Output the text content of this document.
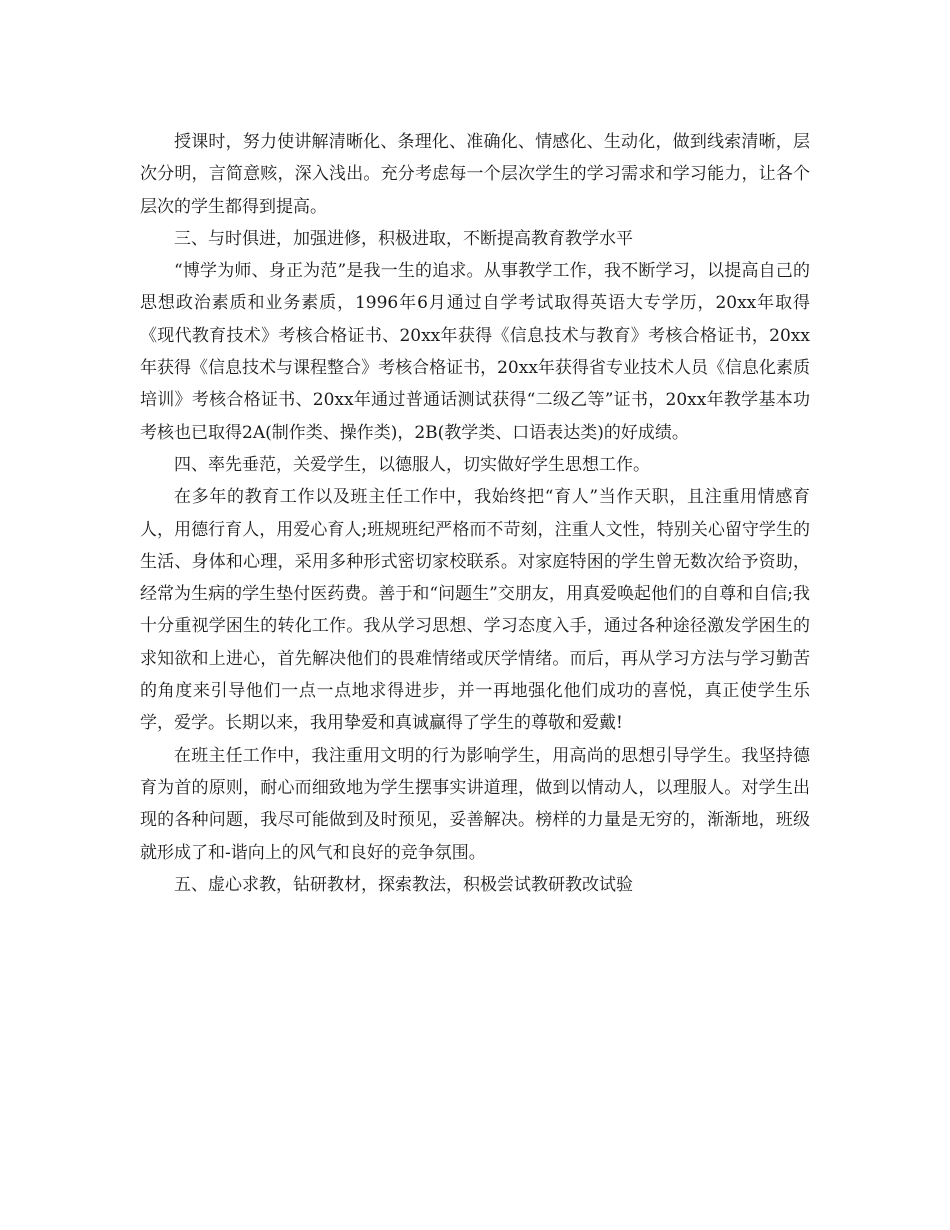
授课时，努力使讲解清晰化、条理化、准确化、情感化、生动化，做到线索清晰，层次分明，言简意赅，深入浅出。充分考虑每一个层次学生的学习需求和学习能力，让各个层次的学生都得到提高。

三、与时俱进，加强进修，积极进取，不断提高教育教学水平

“博学为师、身正为范”是我一生的追求。从事教学工作，我不断学习，以提高自己的思想政治素质和业务素质，1996年6月通过自学考试取得英语大专学历，20xx年取得《现代教育技术》考核合格证书、20xx年获得《信息技术与教育》考核合格证书，20xx年获得《信息技术与课程整合》考核合格证书，20xx年获得省专业技术人员《信息化素质培训》考核合格证书、20xx年通过普通话测试获得“二级乙等”证书，20xx年教学基本功考核也已取得2A(制作类、操作类)，2B(教学类、口语表达类)的好成绩。

四、率先垂范，关爱学生，以德服人，切实做好学生思想工作。

在多年的教育工作以及班主任工作中，我始终把“育人”当作天职，且注重用情感育人，用德行育人，用爱心育人;班规班纪严格而不苛刻，注重人文性，特别关心留守学生的生活、身体和心理，采用多种形式密切家校联系。对家庭特困的学生曾无数次给予资助，经常为生病的学生垫付医药费。善于和“问题生”交朋友，用真爱唤起他们的自尊和自信;我十分重视学困生的转化工作。我从学习思想、学习态度入手，通过各种途径激发学困生的求知欲和上进心，首先解决他们的畏难情绪或厌学情绪。而后，再从学习方法与学习勤苦的角度来引导他们一点一点地求得进步，并一再地强化他们成功的喜悦，真正使学生乐学，爱学。长期以来，我用挚爱和真诚赢得了学生的尊敬和爱戴!

在班主任工作中，我注重用文明的行为影响学生，用高尚的思想引导学生。我坚持德育为首的原则，耐心而细致地为学生摆事实讲道理，做到以情动人，以理服人。对学生出现的各种问题，我尽可能做到及时预见，妥善解决。榜样的力量是无穷的，渐渐地，班级就形成了和-谐向上的风气和良好的竞争氛围。

五、虚心求教，钻研教材，探索教法，积极尝试教研教改试验
